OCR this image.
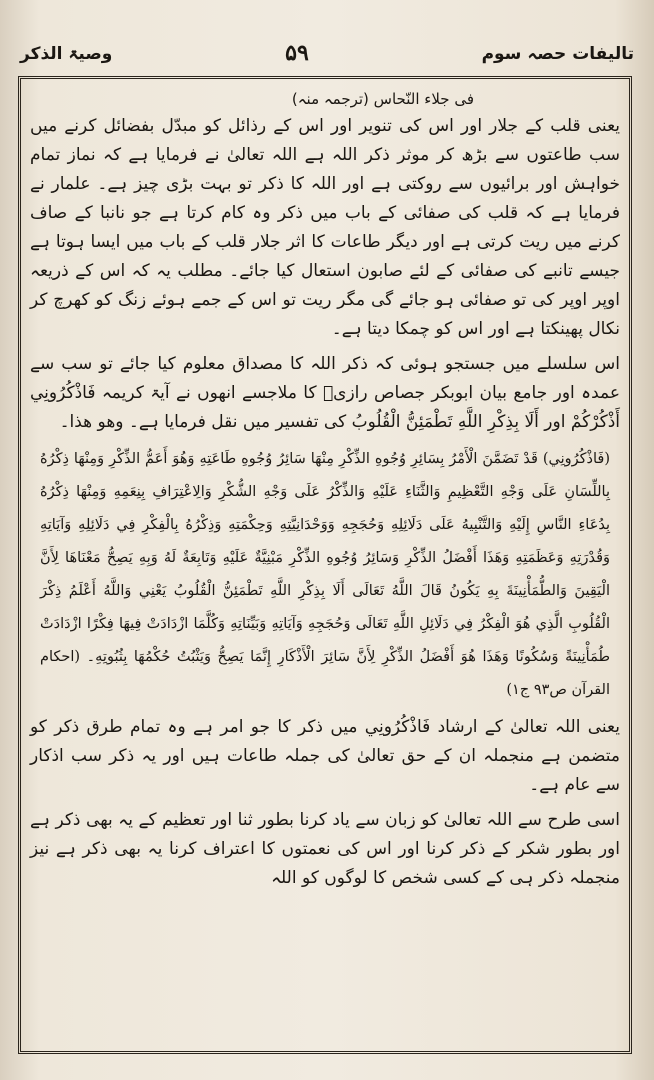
تالیفات حصہ سوم
۵۹
وصیۃ الذکر
فی جلاء النّحاس (ترجمہ منہ)
یعنی قلب کے جلار اور اس کی تنویر اور اس کے رذائل کو مبدّل بفضائل کرنے میں سب طاعتوں سے بڑھ کر موثر ذکر اللہ ہے اللہ تعالیٰ نے فرمایا ہے کہ نماز تمام خواہش اور برائیوں سے روکتی ہے اور اللہ کا ذکر تو بہت بڑی چیز ہے۔ علمار نے فرمایا ہے کہ قلب کی صفائی کے باب میں ذکر وہ کام کرتا ہے جو نانبا کے صاف کرنے میں ریت کرتی ہے اور دیگر طاعات کا اثر جلار قلب کے باب میں ایسا ہوتا ہے جیسے تانبے کی صفائی کے لئے صابون استعال کیا جائے۔ مطلب یہ کہ اس کے ذریعہ اوپر اوپر کی تو صفائی ہو جائے گی مگر ریت تو اس کے جمے ہوئے زنگ کو کھرچ کر نکال پھینکتا ہے اور اس کو چمکا دیتا ہے۔
اس سلسلے میں جستجو ہوئی کہ ذکر اللہ کا مصداق معلوم کیا جائے تو سب سے عمدہ اور جامع بیان ابوبکر جصاص رازیؒ کا ملاجسے انھوں نے آیۃ کریمہ فَاذْكُرُونِي أَذْكُرْكُمْ اور أَلَا بِذِكْرِ اللَّهِ تَطْمَئِنُّ الْقُلُوبُ کی تفسیر میں نقل فرمایا ہے۔ وھو ھذا۔
(فَاذْكُرُونِي) قَدْ تَضَمَّنَ الْأَمْرُ بِسَائِرِ وُجُوهِ الذِّكْرِ مِنْهَا سَائِرُ وُجُوهِ طَاعَتِهِ وَهُوَ أَعَمُّ الذِّكْرِ وَمِنْهَا ذِكْرُهُ بِاللِّسَانِ عَلَى وَجْهِ التَّعْظِيمِ وَالثَّنَاءِ عَلَيْهِ وَالذِّكْرُ عَلَى وَجْهِ الشُّكْرِ وَالِاعْتِرَافِ بِنِعَمِهِ وَمِنْهَا ذِكْرُهُ بِدُعَاءِ النَّاسِ إِلَيْهِ وَالتَّنْبِيهُ عَلَى دَلَائِلِهِ وَحُجَجِهِ وَوَحْدَانِيَّتِهِ وَحِكْمَتِهِ وَذِكْرُهُ بِالْفِكْرِ فِي دَلَائِلِهِ وَآيَاتِهِ وَقُدْرَتِهِ وَعَظَمَتِهِ وَهَذَا أَفْضَلُ الذِّكْرِ وَسَائِرُ وُجُوهِ الذِّكْرِ مَبْنِيَّةٌ عَلَيْهِ وَتَابِعَةٌ لَهُ وَبِهِ يَصِحُّ مَعْنَاهَا لِأَنَّ الْيَقِينَ وَالطُّمَأْنِينَةَ بِهِ يَكُونُ قَالَ اللَّهُ تَعَالَى أَلَا بِذِكْرِ اللَّهِ تَطْمَئِنُّ الْقُلُوبُ يَعْنِي وَاللَّهُ أَعْلَمُ ذِكْرَ الْقُلُوبِ الَّذِي هُوَ الْفِكْرُ فِي دَلَائِلِ اللَّهِ تَعَالَى وَحُجَجِهِ وَآيَاتِهِ وَبَيِّنَاتِهِ وَكُلَّمَا ازْدَادَتْ فِيهَا فِكْرًا ازْدَادَتْ طُمَأْنِينَةً وَسُكُونًا وَهَذَا هُوَ أَفْضَلُ الذِّكْرِ لِأَنَّ سَائِرَ الْأَذْكَارِ إِنَّمَا يَصِحُّ وَيَثْبُتُ حُكْمُهَا بِثُبُوتِهِ۔ (احکام القرآن ص۹۳ ج۱)
یعنی اللہ تعالیٰ کے ارشاد فَاذْكُرُونِي میں ذکر کا جو امر ہے وہ تمام طرق ذکر کو متضمن ہے منجملہ ان کے حق تعالیٰ کی جملہ طاعات ہیں اور یہ ذکر سب اذکار سے عام ہے۔
اسی طرح سے اللہ تعالیٰ کو زبان سے یاد کرنا بطور ثنا اور تعظیم کے یہ بھی ذکر ہے اور بطور شکر کے ذکر کرنا اور اس کی نعمتوں کا اعتراف کرنا یہ بھی ذکر ہے نیز منجملہ ذکر ہی کے کسی شخص کا لوگوں کو اللہ
